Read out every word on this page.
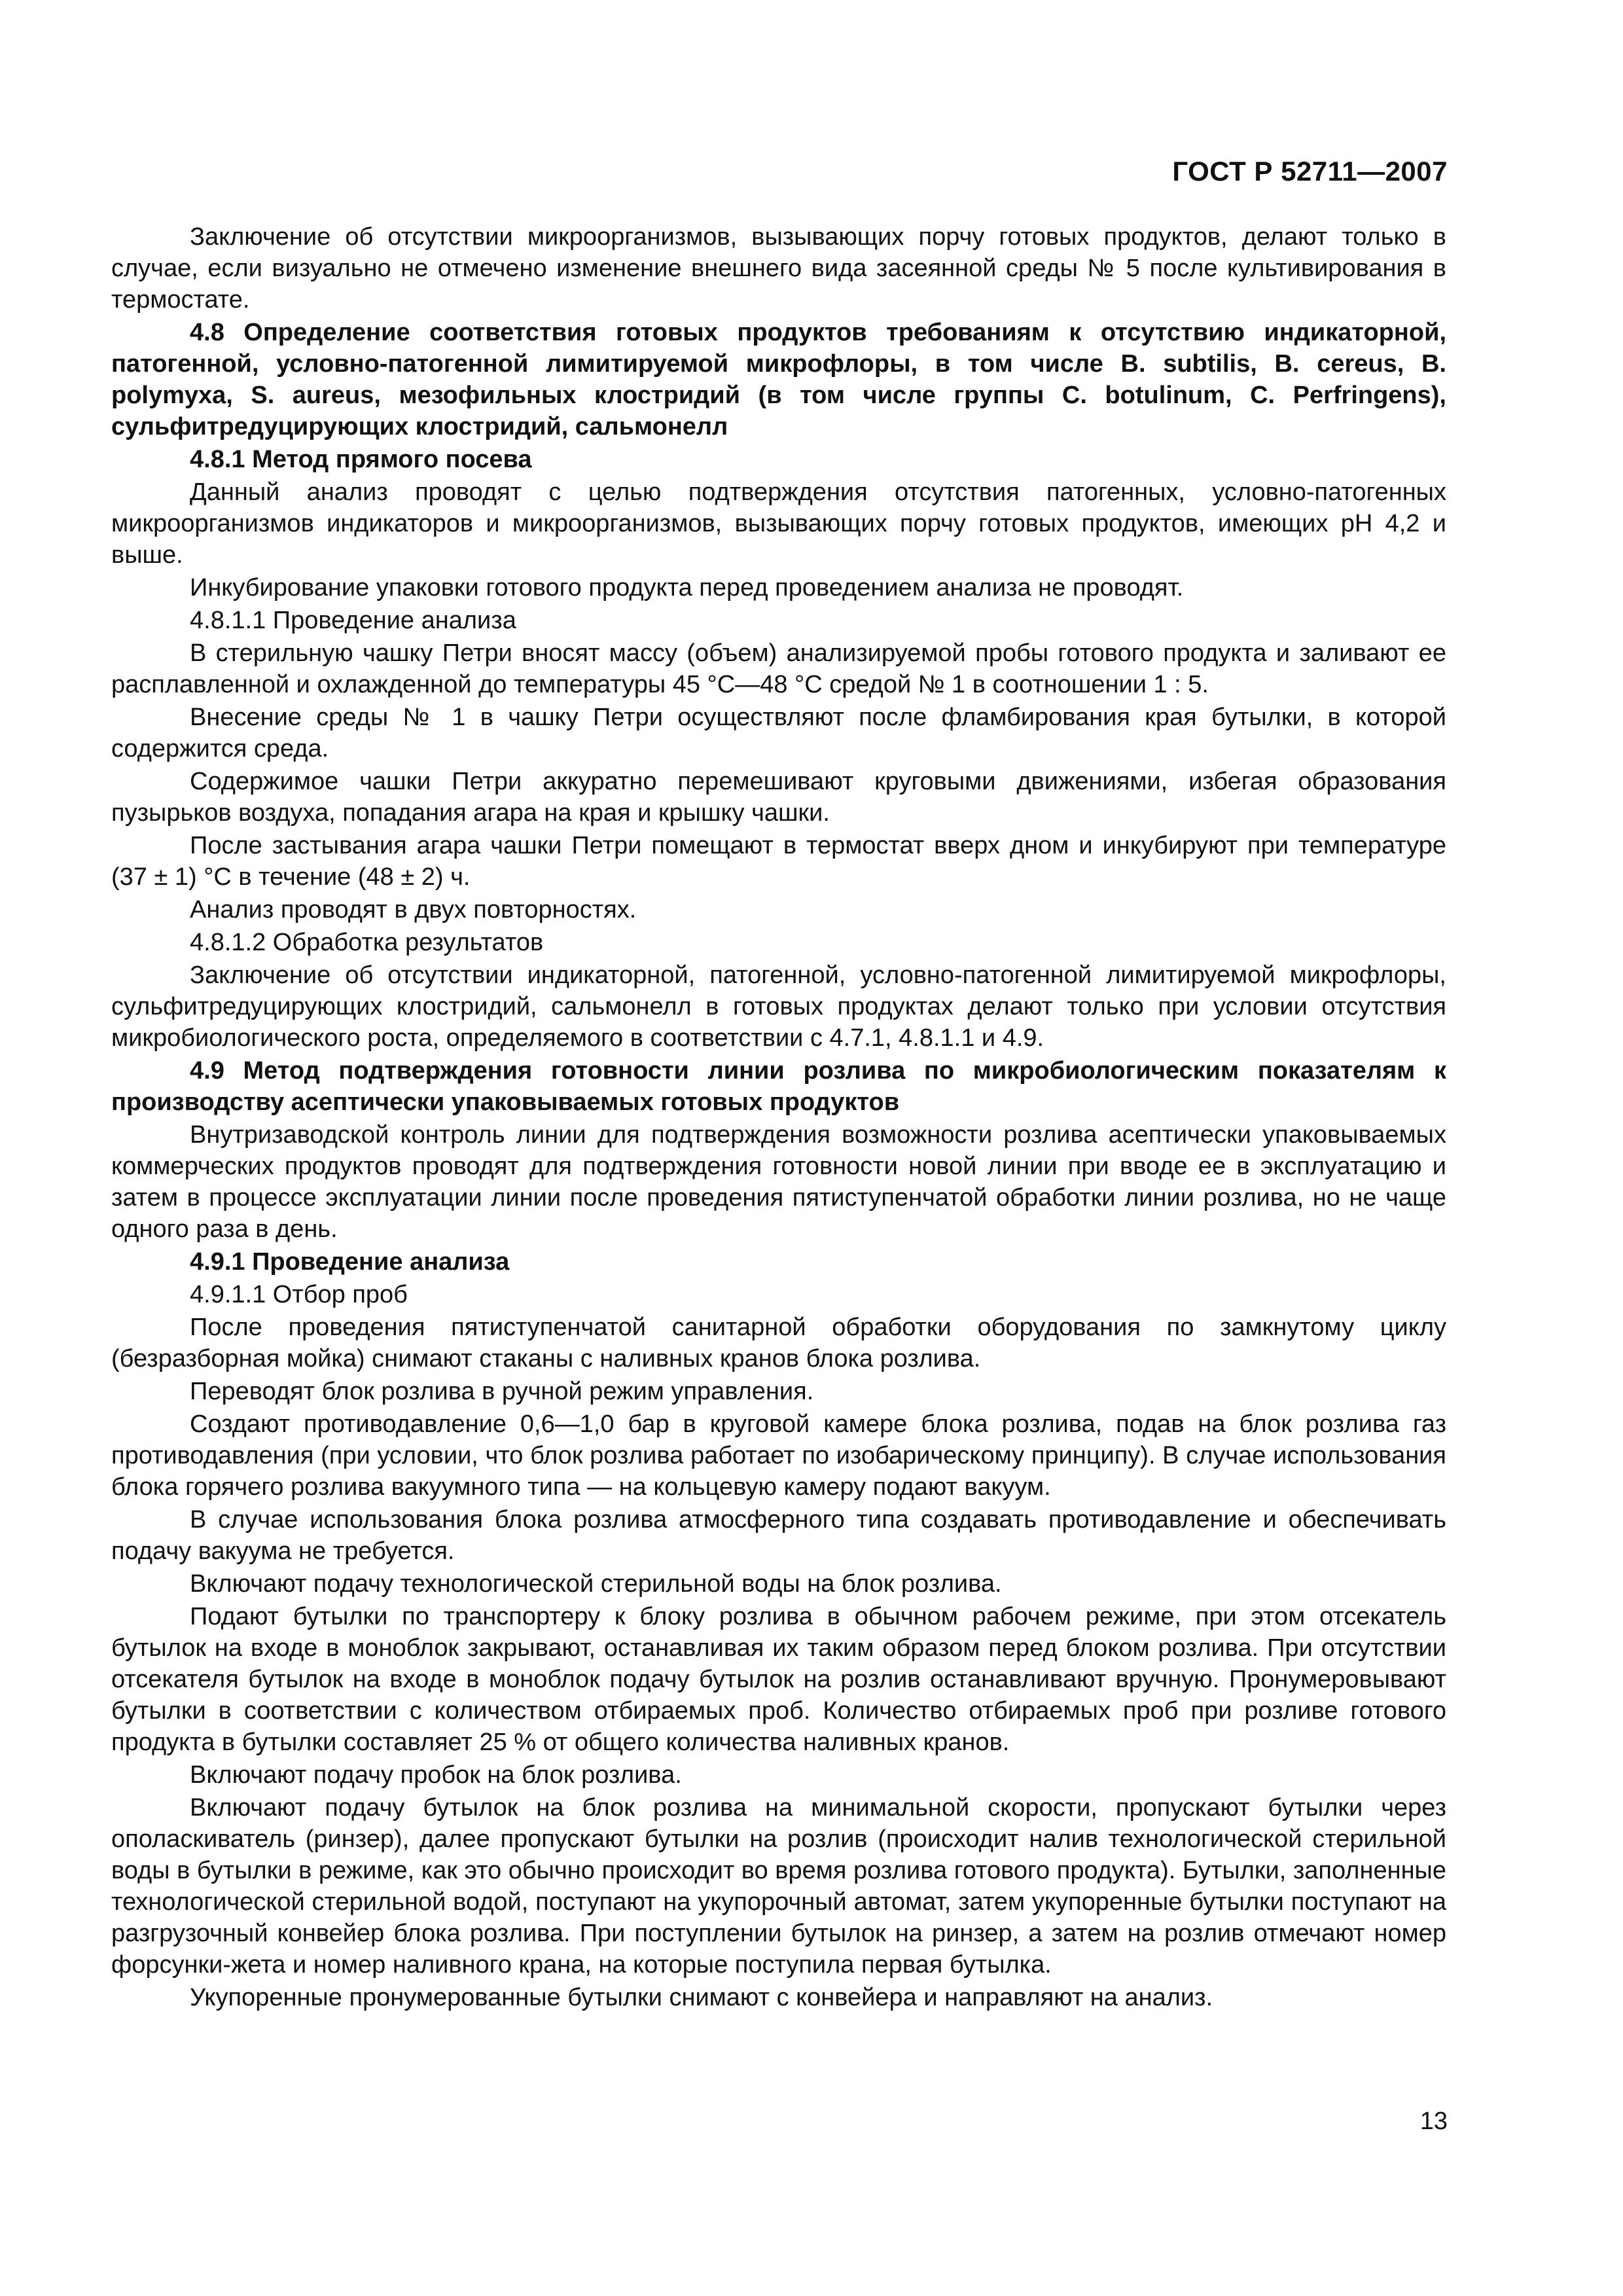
ГОСТ Р 52711—2007

Заключение об отсутствии микроорганизмов, вызывающих порчу готовых продуктов, делают только в случае, если визуально не отмечено изменение внешнего вида засеянной среды № 5 после культивирования в термостате.

4.8 Определение соответствия готовых продуктов требованиям к отсутствию индикаторной, патогенной, условно-патогенной лимитируемой микрофлоры, в том числе B. subtilis, B. cereus, B. polymyxa, S. aureus, мезофильных клостридий (в том числе группы C. botulinum, C. Perfringens), сульфитредуцирующих клостридий, сальмонелл

4.8.1 Метод прямого посева

Данный анализ проводят с целью подтверждения отсутствия патогенных, условно-патогенных микроорганизмов индикаторов и микроорганизмов, вызывающих порчу готовых продуктов, имеющих pH 4,2 и выше.

Инкубирование упаковки готового продукта перед проведением анализа не проводят.

4.8.1.1 Проведение анализа

В стерильную чашку Петри вносят массу (объем) анализируемой пробы готового продукта и заливают ее расплавленной и охлажденной до температуры 45 °C—48 °C средой № 1 в соотношении 1 : 5.

Внесение среды № 1 в чашку Петри осуществляют после фламбирования края бутылки, в которой содержится среда.

Содержимое чашки Петри аккуратно перемешивают круговыми движениями, избегая образования пузырьков воздуха, попадания агара на края и крышку чашки.

После застывания агара чашки Петри помещают в термостат вверх дном и инкубируют при температуре (37 ± 1) °C в течение (48 ± 2) ч.

Анализ проводят в двух повторностях.

4.8.1.2 Обработка результатов

Заключение об отсутствии индикаторной, патогенной, условно-патогенной лимитируемой микрофлоры, сульфитредуцирующих клостридий, сальмонелл в готовых продуктах делают только при условии отсутствия микробиологического роста, определяемого в соответствии с 4.7.1, 4.8.1.1 и 4.9.

4.9 Метод подтверждения готовности линии розлива по микробиологическим показателям к производству асептически упаковываемых готовых продуктов

Внутризаводской контроль линии для подтверждения возможности розлива асептически упаковываемых коммерческих продуктов проводят для подтверждения готовности новой линии при вводе ее в эксплуатацию и затем в процессе эксплуатации линии после проведения пятиступенчатой обработки линии розлива, но не чаще одного раза в день.

4.9.1 Проведение анализа

4.9.1.1 Отбор проб

После проведения пятиступенчатой санитарной обработки оборудования по замкнутому циклу (безразборная мойка) снимают стаканы с наливных кранов блока розлива.

Переводят блок розлива в ручной режим управления.

Создают противодавление 0,6—1,0 бар в круговой камере блока розлива, подав на блок розлива газ противодавления (при условии, что блок розлива работает по изобарическому принципу). В случае использования блока горячего розлива вакуумного типа — на кольцевую камеру подают вакуум.

В случае использования блока розлива атмосферного типа создавать противодавление и обеспечивать подачу вакуума не требуется.

Включают подачу технологической стерильной воды на блок розлива.

Подают бутылки по транспортеру к блоку розлива в обычном рабочем режиме, при этом отсекатель бутылок на входе в моноблок закрывают, останавливая их таким образом перед блоком розлива. При отсутствии отсекателя бутылок на входе в моноблок подачу бутылок на розлив останавливают вручную. Пронумеровывают бутылки в соответствии с количеством отбираемых проб. Количество отбираемых проб при розливе готового продукта в бутылки составляет 25 % от общего количества наливных кранов.

Включают подачу пробок на блок розлива.

Включают подачу бутылок на блок розлива на минимальной скорости, пропускают бутылки через ополаскиватель (ринзер), далее пропускают бутылки на розлив (происходит налив технологической стерильной воды в бутылки в режиме, как это обычно происходит во время розлива готового продукта). Бутылки, заполненные технологической стерильной водой, поступают на укупорочный автомат, затем укупоренные бутылки поступают на разгрузочный конвейер блока розлива. При поступлении бутылок на ринзер, а затем на розлив отмечают номер форсунки-жета и номер наливного крана, на которые поступила первая бутылка.

Укупоренные пронумерованные бутылки снимают с конвейера и направляют на анализ.

13
